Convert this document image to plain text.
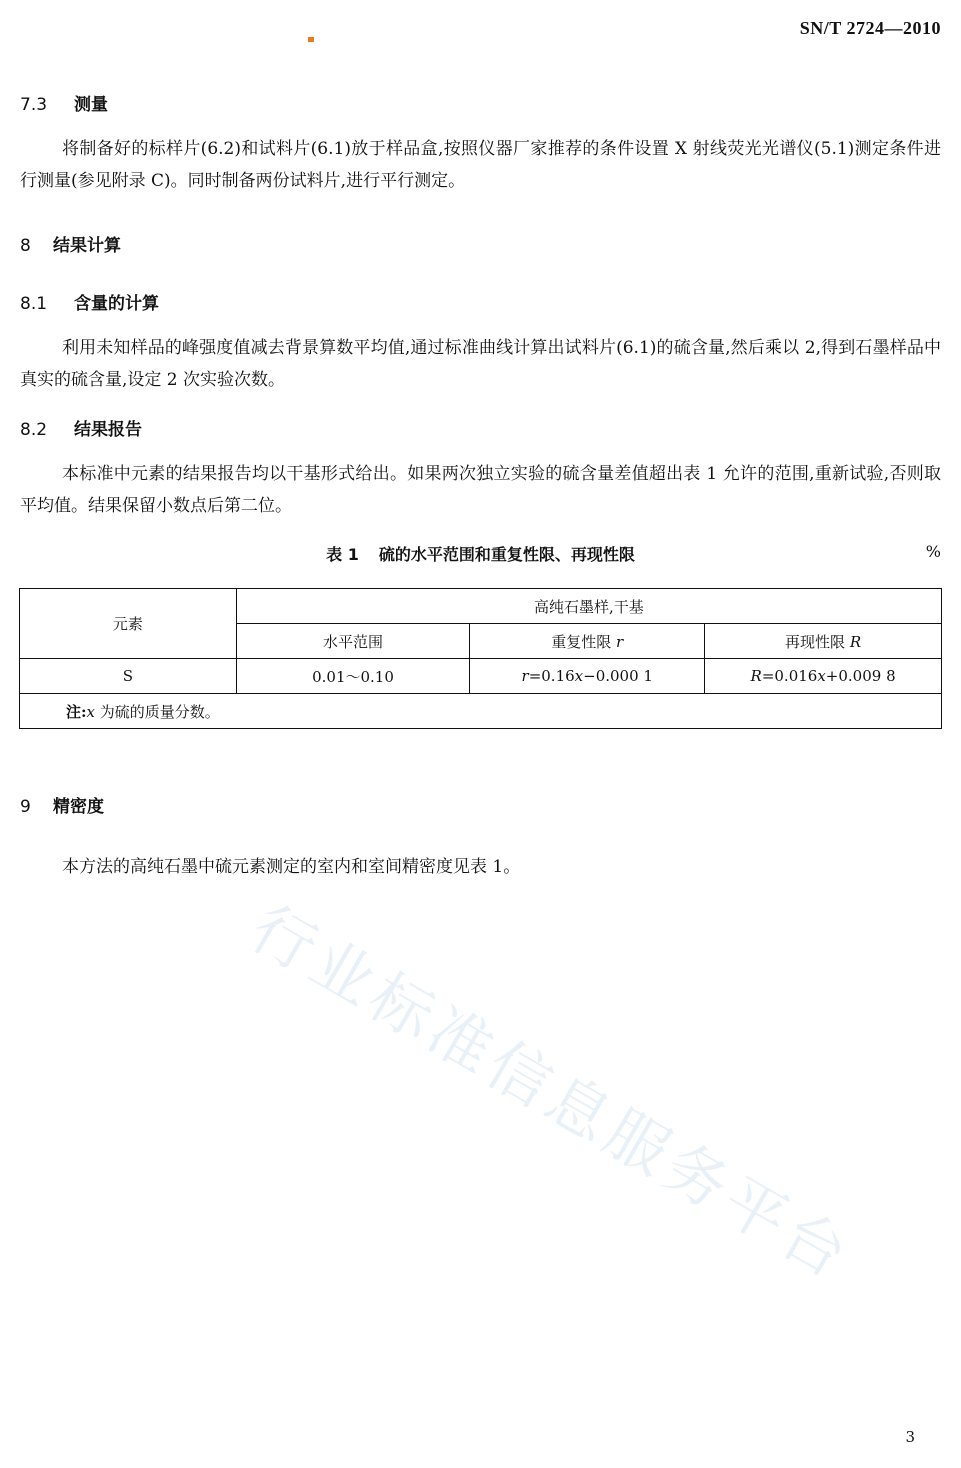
SN/T 2724—2010
7.3 测量
将制备好的标样片(6.2)和试料片(6.1)放于样品盒,按照仪器厂家推荐的条件设置 X 射线荧光光谱仪(5.1)测定条件进行测量(参见附录 C)。同时制备两份试料片,进行平行测定。
8 结果计算
8.1 含量的计算
利用未知样品的峰强度值减去背景算数平均值,通过标准曲线计算出试料片(6.1)的硫含量,然后乘以 2,得到石墨样品中真实的硫含量,设定 2 次实验次数。
8.2 结果报告
本标准中元素的结果报告均以干基形式给出。如果两次独立实验的硫含量差值超出表 1 允许的范围,重新试验,否则取平均值。结果保留小数点后第二位。
表 1 硫的水平范围和重复性限、再现性限	%
元素	高纯石墨样,干基		
	水平范围	重复性限 r	再现性限 R
S	0.01～0.10	r=0.16x−0.000 1	R=0.016x+0.009 8
注:x 为硫的质量分数。			
9 精密度
本方法的高纯石墨中硫元素测定的室内和室间精密度见表 1。
行业标准信息服务平台
3
